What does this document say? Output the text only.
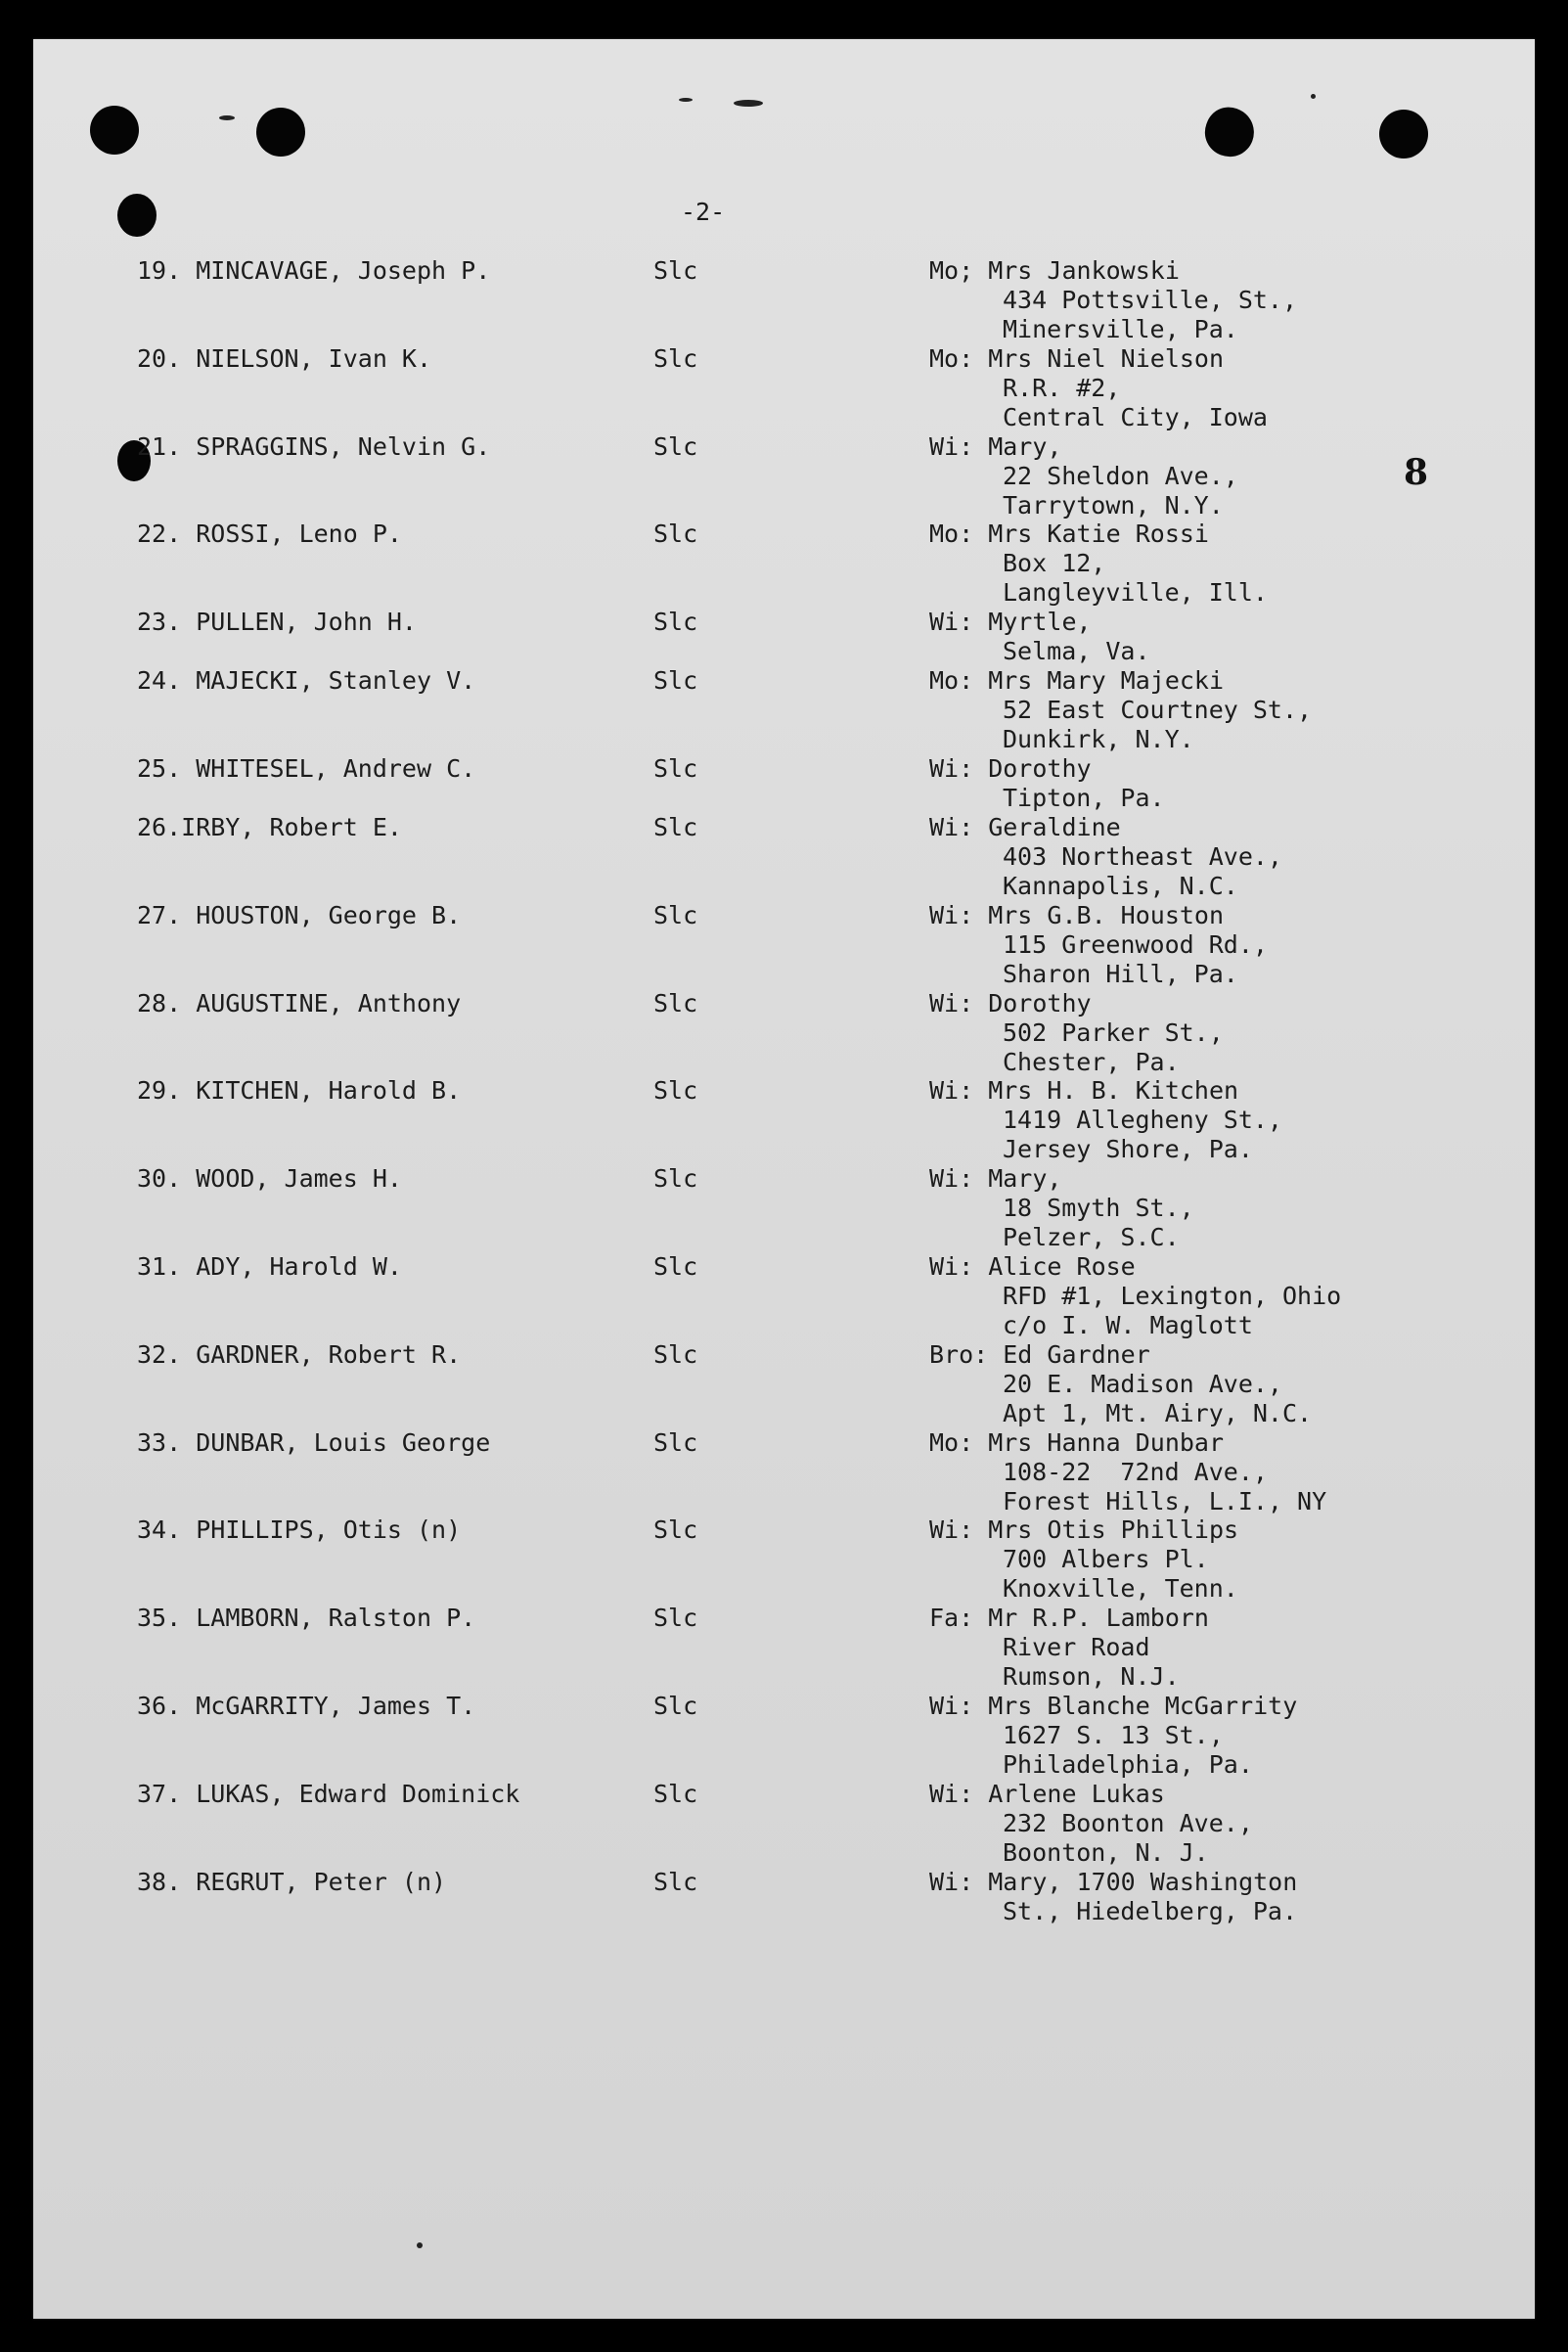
-2-
8
19. MINCAVAGE, Joseph P.	Slc	Mo; Mrs Jankowski
434 Pottsville, St.,
Minersville, Pa.
20. NIELSON, Ivan K.	Slc	Mo: Mrs Niel Nielson
R.R. #2,
Central City, Iowa
21. SPRAGGINS, Nelvin G.	Slc	Wi: Mary,
22 Sheldon Ave.,
Tarrytown, N.Y.
22. ROSSI, Leno P.	Slc	Mo: Mrs Katie Rossi
Box 12,
Langleyville, Ill.
23. PULLEN, John H.	Slc	Wi: Myrtle,
Selma, Va.
24. MAJECKI, Stanley V.	Slc	Mo: Mrs Mary Majecki
52 East Courtney St.,
Dunkirk, N.Y.
25. WHITESEL, Andrew C.	Slc	Wi: Dorothy
Tipton, Pa.
26.IRBY, Robert E.	Slc	Wi: Geraldine
403 Northeast Ave.,
Kannapolis, N.C.
27. HOUSTON, George B.	Slc	Wi: Mrs G.B. Houston
115 Greenwood Rd.,
Sharon Hill, Pa.
28. AUGUSTINE, Anthony	Slc	Wi: Dorothy
502 Parker St.,
Chester, Pa.
29. KITCHEN, Harold B.	Slc	Wi: Mrs H. B. Kitchen
1419 Allegheny St.,
Jersey Shore, Pa.
30. WOOD, James H.	Slc	Wi: Mary,
18 Smyth St.,
Pelzer, S.C.
31. ADY, Harold W.	Slc	Wi: Alice Rose
RFD #1, Lexington, Ohio
c/o I. W. Maglott
32. GARDNER, Robert R.	Slc	Bro: Ed Gardner
20 E. Madison Ave.,
Apt 1, Mt. Airy, N.C.
33. DUNBAR, Louis George	Slc	Mo: Mrs Hanna Dunbar
108-22  72nd Ave.,
Forest Hills, L.I., NY
34. PHILLIPS, Otis (n)	Slc	Wi: Mrs Otis Phillips
700 Albers Pl.
Knoxville, Tenn.
35. LAMBORN, Ralston P.	Slc	Fa: Mr R.P. Lamborn
River Road
Rumson, N.J.
36. McGARRITY, James T.	Slc	Wi: Mrs Blanche McGarrity
1627 S. 13 St.,
Philadelphia, Pa.
37. LUKAS, Edward Dominick	Slc	Wi: Arlene Lukas
232 Boonton Ave.,
Boonton, N. J.
38. REGRUT, Peter (n)	Slc	Wi: Mary, 1700 Washington
St., Hiedelberg, Pa.
